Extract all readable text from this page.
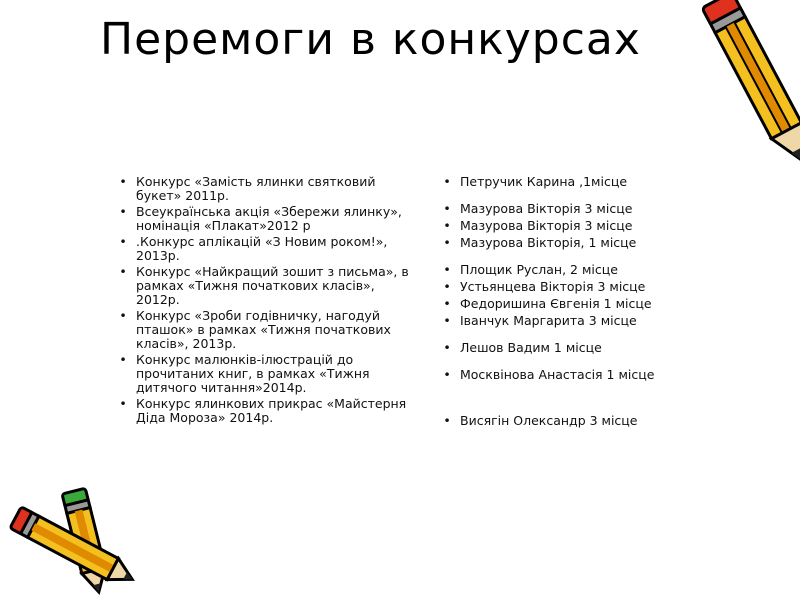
Перемоги в конкурсах
• Конкурс «Замість ялинки святковий букет» 2011р.
• Всеукраїнська акція «Збережи ялинку», номінація «Плакат»2012 р
• .Конкурс аплікацій «З Новим роком!», 2013р.
• Конкурс «Найкращий зошит з письма», в рамках «Тижня початкових класів», 2012р.
• Конкурс «Зроби годівничку, нагодуй пташок» в рамках «Тижня початкових класів», 2013р.
• Конкурс малюнків-ілюстрацій до прочитаних книг, в рамках «Тижня дитячого читання»2014р.
• Конкурс ялинкових прикрас «Майстерня Діда Мороза» 2014р.
• Петручик Карина ,1місце
• Мазурова Вікторія 3 місце
• Мазурова Вікторія 3 місце
• Мазурова Вікторія, 1 місце
• Площик Руслан, 2 місце
• Устьянцева Вікторія 3 місце
• Федоришина Євгенія 1 місце
• Іванчук Маргарита 3 місце
• Лешов Вадим 1 місце
• Москвінова Анастасія 1 місце
• Висягін Олександр 3 місце
